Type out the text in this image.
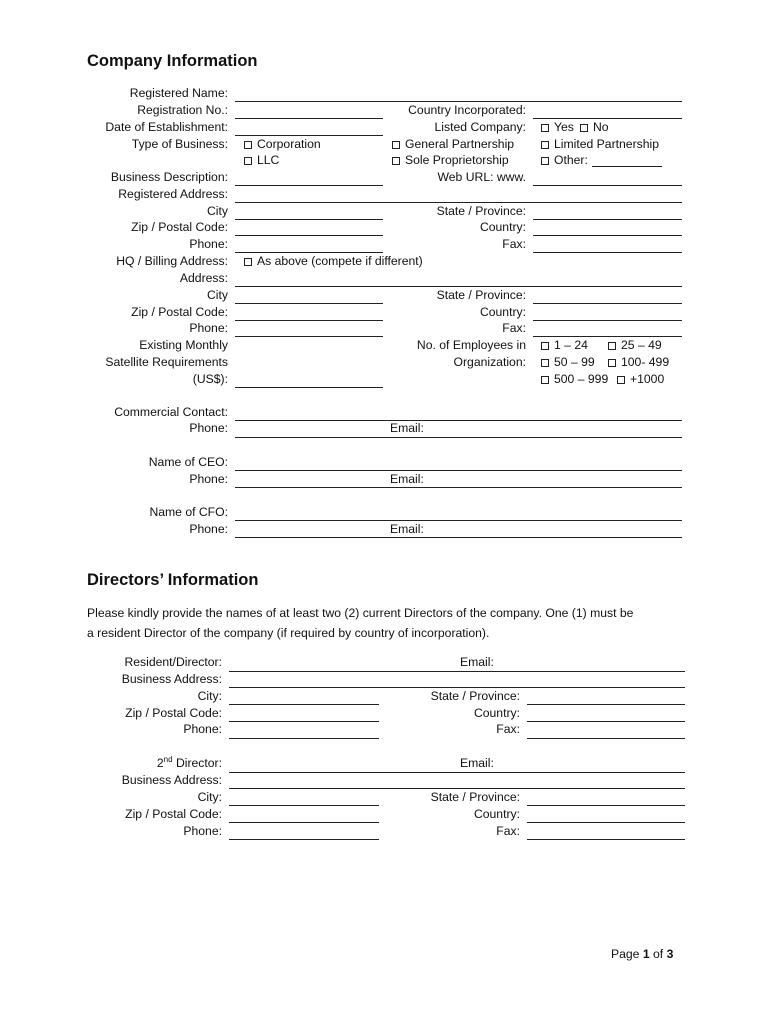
Company Information
Registered Name:
Registration No.:
Date of Establishment:
Type of Business:
Business Description:
Registered Address:
City
Zip / Postal Code:
Phone:
HQ / Billing Address:
Address:
City
Zip / Postal Code:
Phone:
Existing Monthly
Satellite Requirements
(US$):
Commercial Contact:
Phone:
Name of CEO:
Phone:
Name of CFO:
Phone:
Country Incorporated:
Listed Company:
Web URL: www.
State / Province:
Country:
Fax:
State / Province:
Country:
Fax:
No. of Employees in
Organization:
Email:
Email:
Email:
Yes No
Corporation
LLC
General Partnership
Sole Proprietorship
Limited Partnership
Other:
As above (compete if different)
1 – 24	25 – 49
50 – 99 100- 499
500 – 999 +1000
Directors’ Information

Please kindly provide the names of at least two (2) current Directors of the company. One (1) must be

a resident Director of the company (if required by country of incorporation).

Resident/Director:
Business Address:
City:
Zip / Postal Code:
Phone:
Email:
State / Province:
Country:
Fax:
2nd Director:
Business Address:
City:
Zip / Postal Code:
Phone:
Email:
State / Province:
Country:
Fax:
Page 1 of 3
